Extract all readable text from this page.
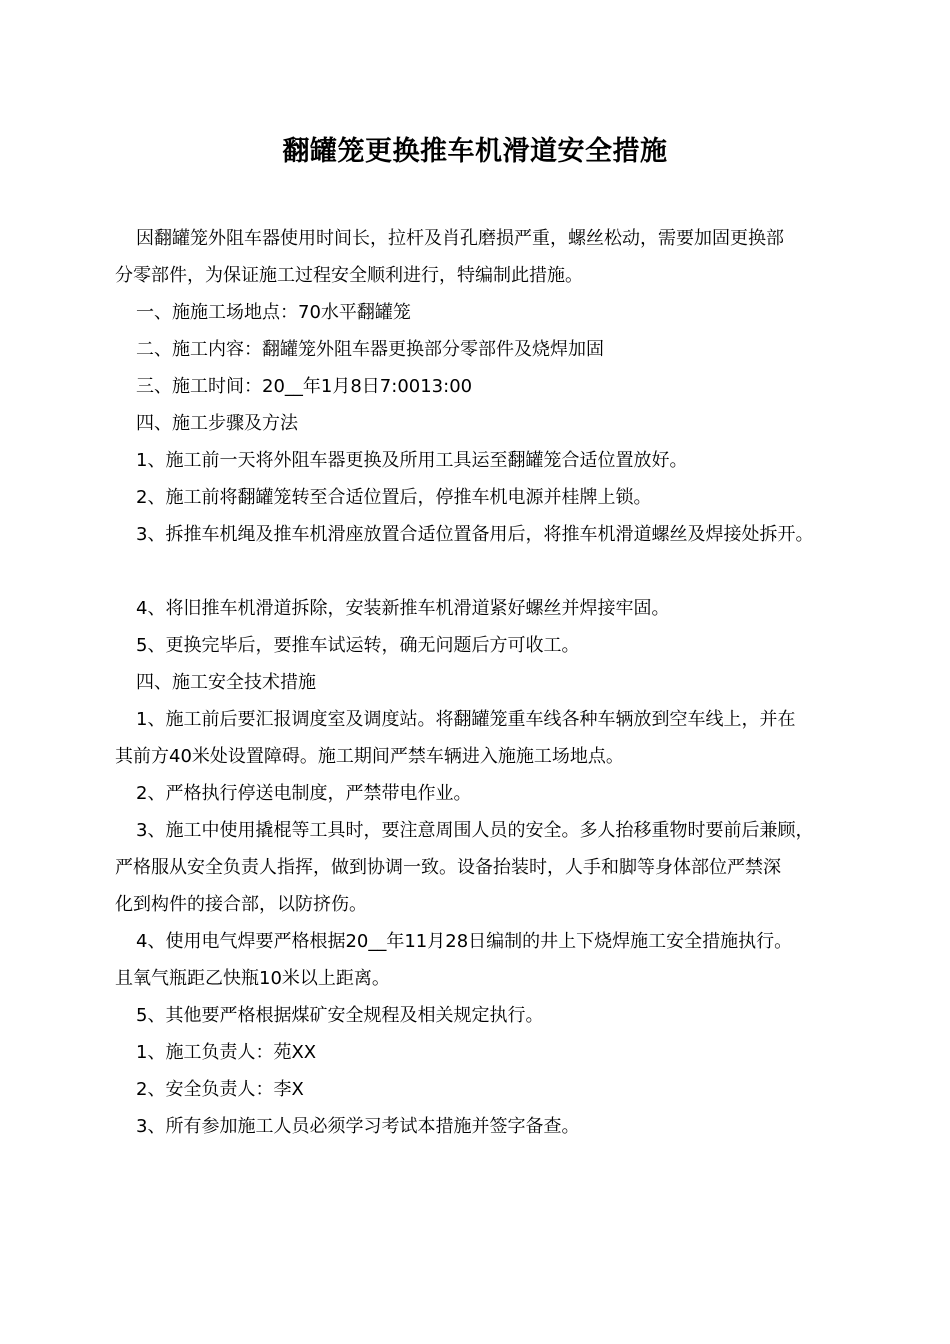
翻罐笼更换推车机滑道安全措施

因翻罐笼外阻车器使用时间长，拉杆及肖孔磨损严重，螺丝松动，需要加固更换部

分零部件，为保证施工过程安全顺利进行，特编制此措施。

一、施施工场地点：70水平翻罐笼

二、施工内容：翻罐笼外阻车器更换部分零部件及烧焊加固

三、施工时间：20__年1月8日7:0013:00

四、施工步骤及方法

1、施工前一天将外阻车器更换及所用工具运至翻罐笼合适位置放好。

2、施工前将翻罐笼转至合适位置后，停推车机电源并桂牌上锁。

3、拆推车机绳及推车机滑座放置合适位置备用后，将推车机滑道螺丝及焊接处拆开。

4、将旧推车机滑道拆除，安装新推车机滑道紧好螺丝并焊接牢固。

5、更换完毕后，要推车试运转，确无问题后方可收工。

四、施工安全技术措施

1、施工前后要汇报调度室及调度站。将翻罐笼重车线各种车辆放到空车线上，并在

其前方40米处设置障碍。施工期间严禁车辆进入施施工场地点。

2、严格执行停送电制度，严禁带电作业。

3、施工中使用撬棍等工具时，要注意周围人员的安全。多人抬移重物时要前后兼顾，

严格服从安全负责人指挥，做到协调一致。设备抬装时，人手和脚等身体部位严禁深

化到构件的接合部，以防挤伤。

4、使用电气焊要严格根据20__年11月28日编制的井上下烧焊施工安全措施执行。

且氧气瓶距乙快瓶10米以上距离。

5、其他要严格根据煤矿安全规程及相关规定执行。

1、施工负责人：苑XX

2、安全负责人：李X

3、所有参加施工人员必须学习考试本措施并签字备查。
